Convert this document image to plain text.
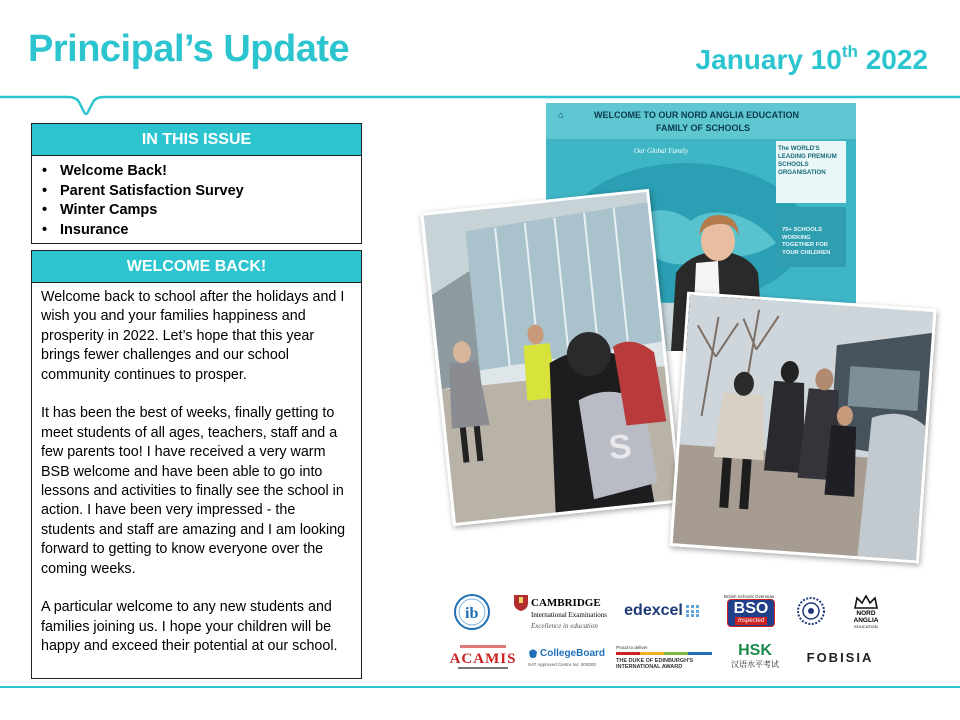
Principal’s Update	January 10th 2022
IN THIS ISSUE
• Welcome Back!
• Parent Satisfaction Survey
• Winter Camps
• Insurance
WELCOME BACK!

Welcome back to school after the holidays and I wish you and your families happiness and prosperity in 2022. Let’s hope that this year brings fewer challenges and our school community continues to prosper.

It has been the best of weeks, finally getting to meet students of all ages, teachers, staff and a few parents too! I have received a very warm BSB welcome and have been able to go into lessons and activities to finally see the school in action. I have been very impressed - the students and staff are amazing and I am looking forward to getting to know everyone over the coming weeks.

A particular welcome to any new students and families joining us. I hope your children will be happy and exceed their potential at our school.

⌂	WELCOME TO OUR NORD ANGLIA EDUCATION
FAMILY OF SCHOOLS
Our Global Family	The WORLD'S LEADING PREMIUM SCHOOLS ORGANISATION
70+ SCHOOLS WORKING TOGETHER FOR YOUR CHILDREN
S
ib
CAMBRIDGE
International Examinations
Excellence in education
edexcel
British Schools Overseas
BSO
Inspected
NORD
ANGLIA
EDUCATION
ACAMIS CollegeBoard
SAT Approved Centre No: 000000
Proud to deliver
THE DUKE OF EDINBURGH'S
INTERNATIONAL AWARD
HSK
汉语水平考试 FOBISIA
